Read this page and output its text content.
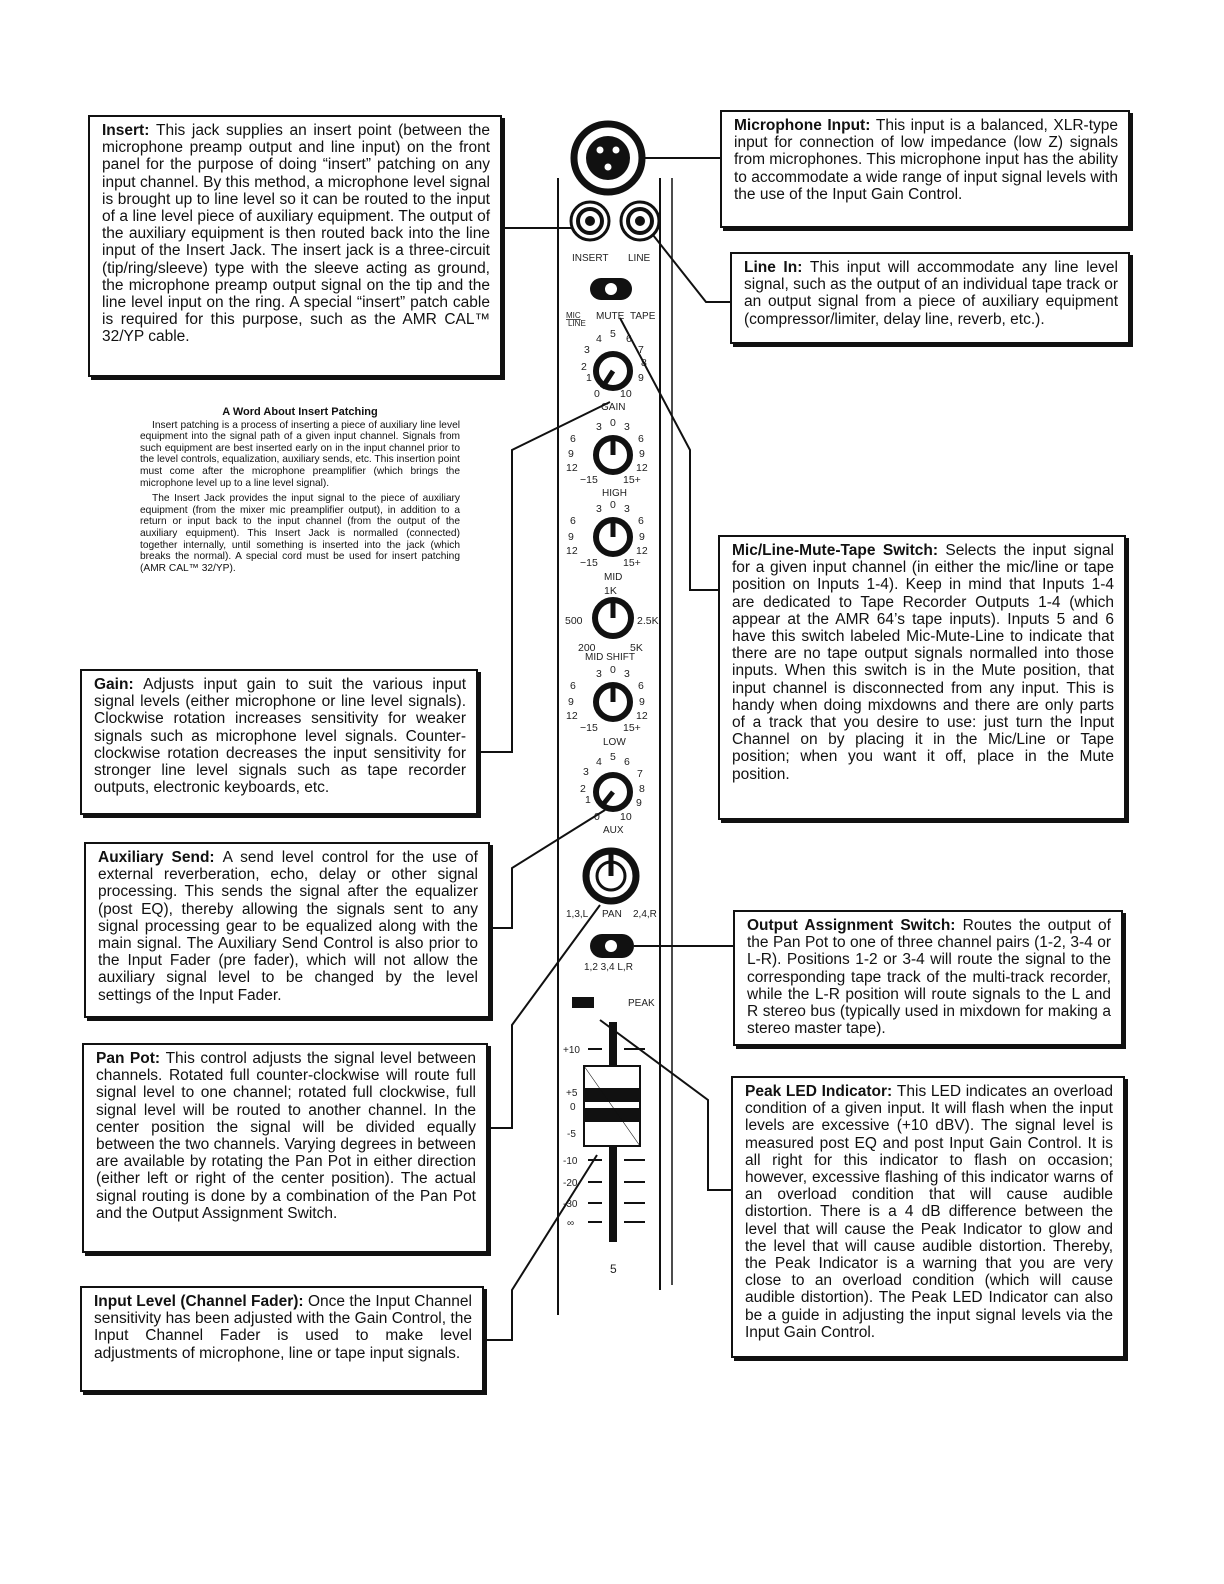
INSERT LINE
MIC
LINE
MUTE TAPE
0
1
2
3
4 5 6
7
8
9
10
GAIN
−15
12
9
6
3 0 3
6
9
12
15+
HIGH
−15
12
9
6
3 0 3
6
9
12
15+
MID
200
500
1K
2.5K
5K
MID SHIFT
−15
12
9
6
3 0 3
6
9
12
15+
LOW
0
1
2
3
4 5 6
7
8
9
10
AUX
1,3,L PAN 2,4,R
1,2 3,4 L,R
PEAK
+10
+5
0
-5
-10
-20
-30
∞
5
Insert: This jack supplies an insert point (between the microphone preamp output and line input) on the front panel for the purpose of doing “insert” patching on any input channel. By this method, a microphone level signal is brought up to line level so it can be routed to the input of a line level piece of auxiliary equipment. The output of the auxiliary equipment is then routed back into the line input of the Insert Jack. The insert jack is a three-circuit (tip/ring/sleeve) type with the sleeve acting as ground, the microphone preamp output signal on the tip and the line level input on the ring. A special “insert” patch cable is required for this purpose, such as the AMR CAL™ 32/YP cable.
A Word About Insert Patching

Insert patching is a process of inserting a piece of auxiliary line level equipment into the signal path of a given input channel. Signals from such equipment are best inserted early on in the input channel prior to the level controls, equalization, auxiliary sends, etc. This insertion point must come after the microphone preamplifier (which brings the microphone level up to a line level signal).

The Insert Jack provides the input signal to the piece of auxiliary equipment (from the mixer mic preamplifier output), in addition to a return or input back to the input channel (from the output of the auxiliary equipment). This Insert Jack is normalled (connected) together internally, until something is inserted into the jack (which breaks the normal). A special cord must be used for insert patching (AMR CAL™ 32/YP).

Gain: Adjusts input gain to suit the various input signal levels (either microphone or line level signals). Clockwise rotation increases sensitivity for weaker signals such as microphone level signals. Counter-clockwise rotation decreases the input sensitivity for stronger line level signals such as tape recorder outputs, electronic keyboards, etc.
Auxiliary Send: A send level control for the use of external reverberation, echo, delay or other signal processing. This sends the signal after the equalizer (post EQ), thereby allowing the signals sent to any signal processing gear to be equalized along with the main signal. The Auxiliary Send Control is also prior to the Input Fader (pre fader), which will not allow the auxiliary signal level to be changed by the level settings of the Input Fader.
Pan Pot: This control adjusts the signal level between channels. Rotated full counter-clockwise will route full signal level to one channel; rotated full clockwise, full signal level will be routed to another channel. In the center position the signal will be divided equally between the two channels. Varying degrees in between are available by rotating the Pan Pot in either direction (either left or right of the center position). The actual signal routing is done by a combination of the Pan Pot and the Output Assignment Switch.
Input Level (Channel Fader): Once the Input Channel sensitivity has been adjusted with the Gain Control, the Input Channel Fader is used to make level adjustments of microphone, line or tape input signals.
Microphone Input: This input is a balanced, XLR-type input for connection of low impedance (low Z) signals from microphones. This microphone input has the ability to accommodate a wide range of input signal levels with the use of the Input Gain Control.
Line In: This input will accommodate any line level signal, such as the output of an individual tape track or an output signal from a piece of auxiliary equipment (compressor/limiter, delay line, reverb, etc.).
Mic/Line-Mute-Tape Switch: Selects the input signal for a given input channel (in either the mic/line or tape position on Inputs 1-4). Keep in mind that Inputs 1-4 are dedicated to Tape Recorder Outputs 1-4 (which appear at the AMR 64’s tape inputs). Inputs 5 and 6 have this switch labeled Mic-Mute-Line to indicate that there are no tape output signals normalled into those inputs. When this switch is in the Mute position, that input channel is disconnected from any input. This is handy when doing mixdowns and there are only parts of a track that you desire to use: just turn the Input Channel on by placing it in the Mic/Line or Tape position; when you want it off, place in the Mute position.
Output Assignment Switch: Routes the output of the Pan Pot to one of three channel pairs (1-2, 3-4 or L-R). Positions 1-2 or 3-4 will route the signal to the corresponding tape track of the multi-track recorder, while the L-R position will route signals to the L and R stereo bus (typically used in mixdown for making a stereo master tape).
Peak LED Indicator: This LED indicates an overload condition of a given input. It will flash when the input levels are excessive (+10 dBV). The signal level is measured post EQ and post Input Gain Control. It is all right for this indicator to flash on occasion; however, excessive flashing of this indicator warns of an overload condition that will cause audible distortion. There is a 4 dB difference between the level that will cause the Peak Indicator to glow and the level that will cause audible distortion. Thereby, the Peak Indicator is a warning that you are very close to an overload condition (which will cause audible distortion). The Peak LED Indicator can also be a guide in adjusting the input signal levels via the Input Gain Control.
